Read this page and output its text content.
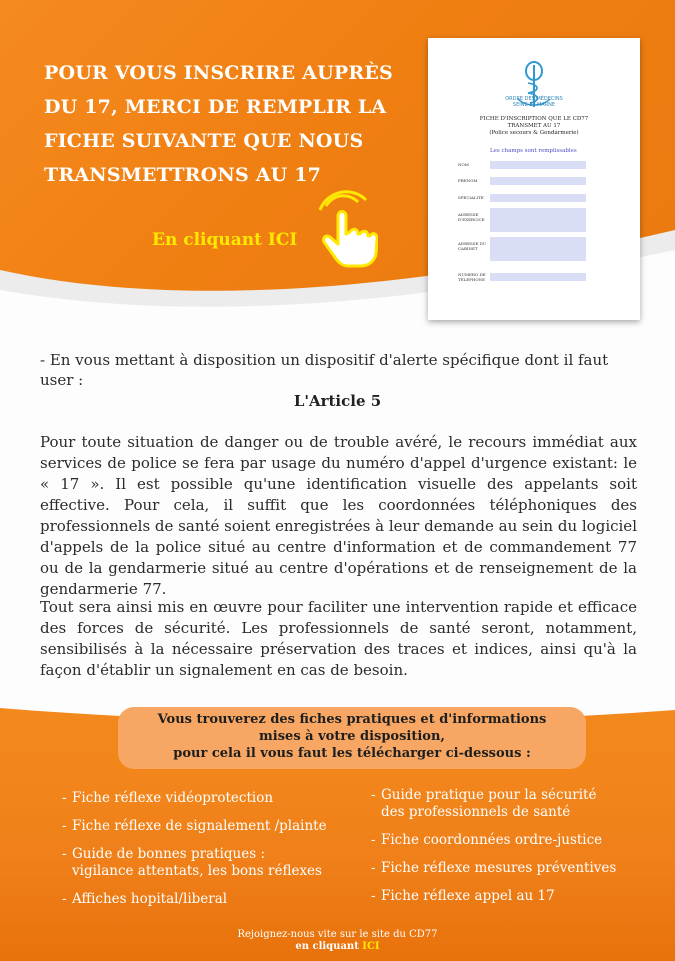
POUR VOUS INSCRIRE AUPRÈS DU 17, MERCI DE REMPLIR LA FICHE SUIVANTE QUE NOUS TRANSMETTRONS AU 17
En cliquant ICI
ORDRE DES MÉDECINS
SEINE-ET-MARNE
FICHE D'INSCRIPTION QUE LE CD77
TRANSMET AU 17
(Police secours & Gendarmerie)
Les champs sont remplissables
NOM
PRENOM
SPECIALITE
ADRESSE D'EXERCICE
ADRESSE DU CABINET
NUMERO DE TELEPHONE
- En vous mettant à disposition un dispositif d'alerte spécifique dont il faut user :
L'Article 5

Pour toute situation de danger ou de trouble avéré, le recours immédiat aux services de police se fera par usage du numéro d'appel d'urgence existant: le « 17 ». Il est possible qu'une identification visuelle des appelants soit effective. Pour cela, il suffit que les coordonnées téléphoniques des professionnels de santé soient enregistrées à leur demande au sein du logiciel d'appels de la police situé au centre d'information et de commandement 77 ou de la gendarmerie situé au centre d'opérations et de renseignement de la gendarmerie 77.

Tout sera ainsi mis en œuvre pour faciliter une intervention rapide et efficace des forces de sécurité. Les professionnels de santé seront, notamment, sensibilisés à la nécessaire préservation des traces et indices, ainsi qu'à la façon d'établir un signalement en cas de besoin.

Vous trouverez des fiches pratiques et d'informations
mises à votre disposition,
pour cela il vous faut les télécharger ci-dessous :
- Fiche réflexe vidéoprotection
- Fiche réflexe de signalement /plainte
- Guide de bonnes pratiques : vigilance attentats, les bons réflexes
- Affiches hopital/liberal
- Guide pratique pour la sécurité des professionnels de santé
- Fiche coordonnées ordre-justice
- Fiche réflexe mesures préventives
- Fiche réflexe appel au 17
Rejoignez-nous vite sur le site du CD77
en cliquant ICI
